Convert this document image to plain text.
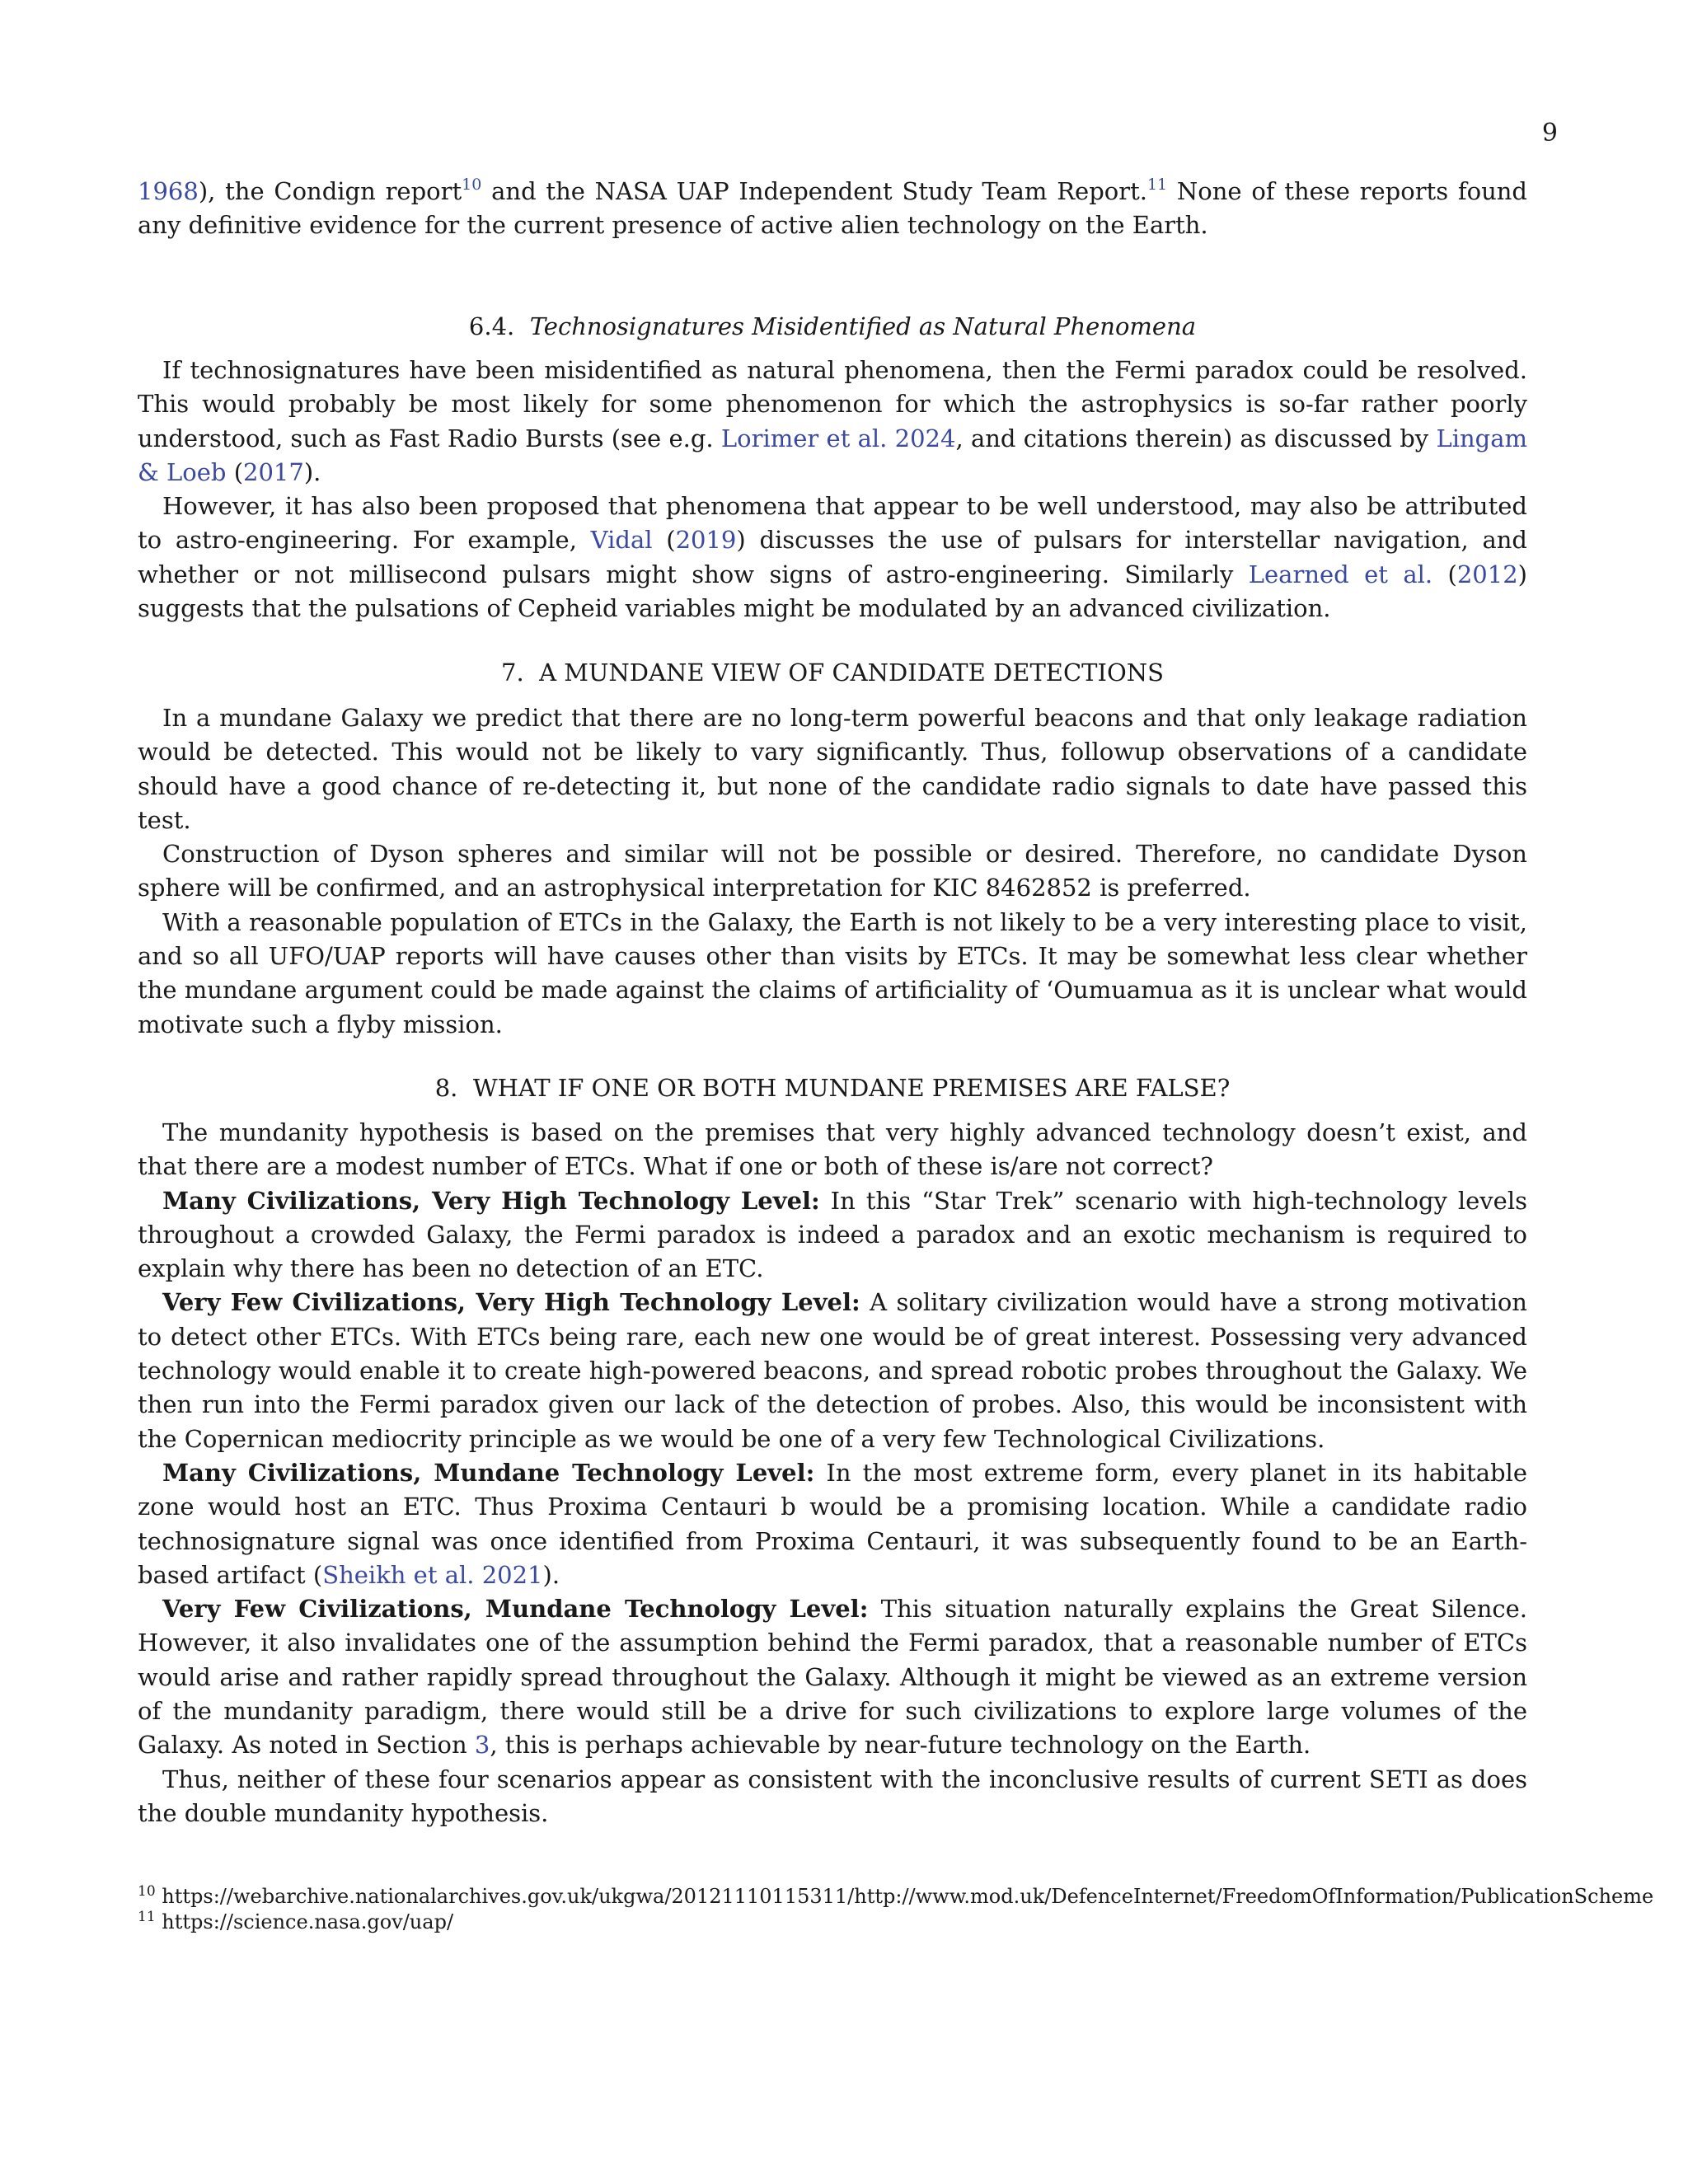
9

1968), the Condign report$^{10}$ and the NASA UAP Independent Study Team Report.$^{11}$ None of these reports found any definitive evidence for the current presence of active alien technology on the Earth.

6.4. Technosignatures Misidentified as Natural Phenomena

If technosignatures have been misidentified as natural phenomena, then the Fermi paradox could be resolved. This would probably be most likely for some phenomenon for which the astrophysics is so-far rather poorly understood, such as Fast Radio Bursts (see e.g. Lorimer et al. 2024, and citations therein) as discussed by Lingam & Loeb (2017).

However, it has also been proposed that phenomena that appear to be well understood, may also be attributed to astro-engineering. For example, Vidal (2019) discusses the use of pulsars for interstellar navigation, and whether or not millisecond pulsars might show signs of astro-engineering. Similarly Learned et al. (2012) suggests that the pulsations of Cepheid variables might be modulated by an advanced civilization.

7. A MUNDANE VIEW OF CANDIDATE DETECTIONS

In a mundane Galaxy we predict that there are no long-term powerful beacons and that only leakage radiation would be detected. This would not be likely to vary significantly. Thus, followup observations of a candidate should have a good chance of re-detecting it, but none of the candidate radio signals to date have passed this test.

Construction of Dyson spheres and similar will not be possible or desired. Therefore, no candidate Dyson sphere will be confirmed, and an astrophysical interpretation for KIC 8462852 is preferred.

With a reasonable population of ETCs in the Galaxy, the Earth is not likely to be a very interesting place to visit, and so all UFO/UAP reports will have causes other than visits by ETCs. It may be somewhat less clear whether the mundane argument could be made against the claims of artificiality of ‘Oumuamua as it is unclear what would motivate such a flyby mission.

8. WHAT IF ONE OR BOTH MUNDANE PREMISES ARE FALSE?

The mundanity hypothesis is based on the premises that very highly advanced technology doesn’t exist, and that there are a modest number of ETCs. What if one or both of these is/are not correct?

Many Civilizations, Very High Technology Level: In this “Star Trek” scenario with high-technology levels throughout a crowded Galaxy, the Fermi paradox is indeed a paradox and an exotic mechanism is required to explain why there has been no detection of an ETC.

Very Few Civilizations, Very High Technology Level: A solitary civilization would have a strong motivation to detect other ETCs. With ETCs being rare, each new one would be of great interest. Possessing very advanced technology would enable it to create high-powered beacons, and spread robotic probes throughout the Galaxy. We then run into the Fermi paradox given our lack of the detection of probes. Also, this would be inconsistent with the Copernican mediocrity principle as we would be one of a very few Technological Civilizations.

Many Civilizations, Mundane Technology Level: In the most extreme form, every planet in its habitable zone would host an ETC. Thus Proxima Centauri b would be a promising location. While a candidate radio technosignature signal was once identified from Proxima Centauri, it was subsequently found to be an Earth-based artifact (Sheikh et al. 2021).

Very Few Civilizations, Mundane Technology Level: This situation naturally explains the Great Silence. However, it also invalidates one of the assumption behind the Fermi paradox, that a reasonable number of ETCs would arise and rather rapidly spread throughout the Galaxy. Although it might be viewed as an extreme version of the mundanity paradigm, there would still be a drive for such civilizations to explore large volumes of the Galaxy. As noted in Section 3, this is perhaps achievable by near-future technology on the Earth.

Thus, neither of these four scenarios appear as consistent with the inconclusive results of current SETI as does the double mundanity hypothesis.

$^{10}$ https://webarchive.nationalarchives.gov.uk/ukgwa/20121110115311/http://www.mod.uk/DefenceInternet/FreedomOfInformation/PublicationScheme

$^{11}$ https://science.nasa.gov/uap/
